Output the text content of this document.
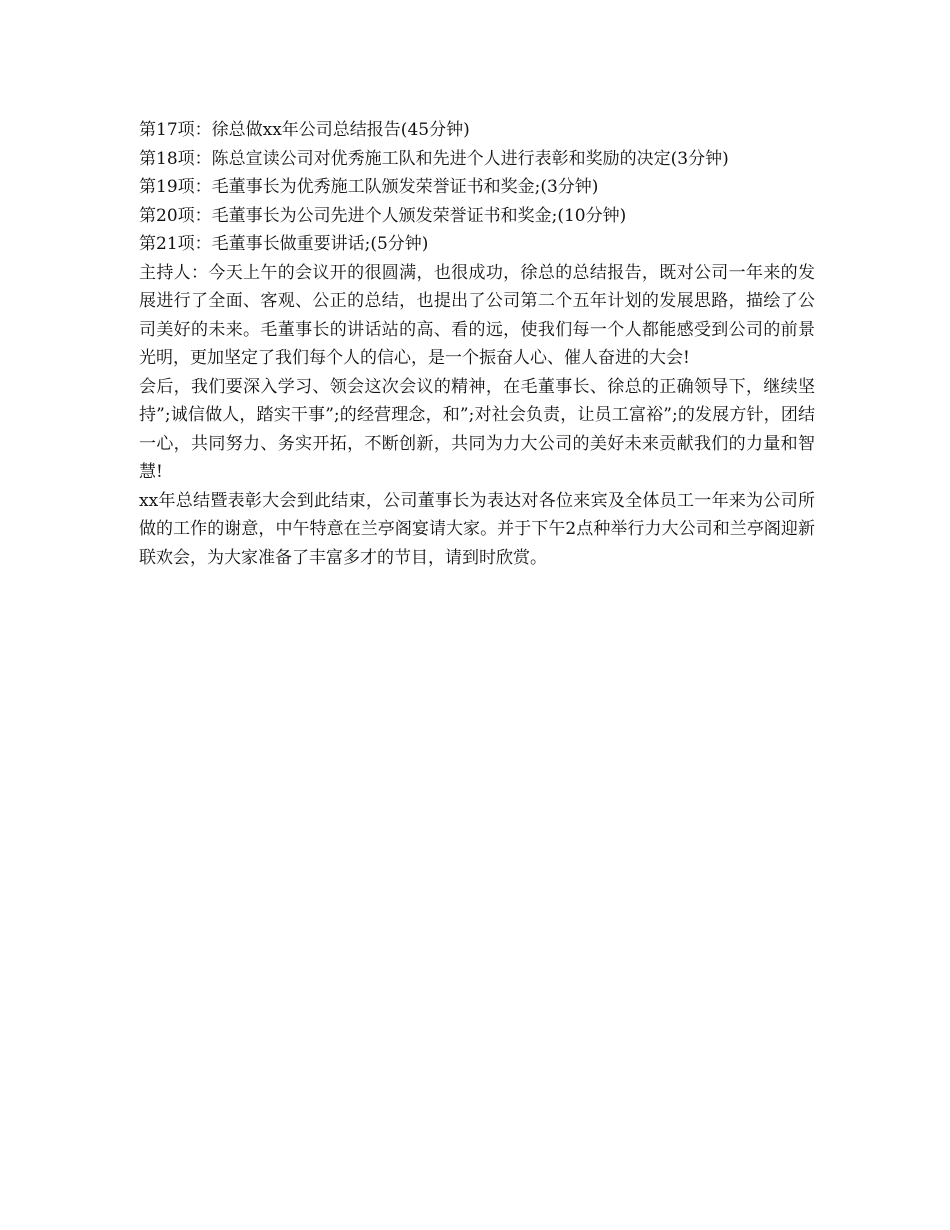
第17项：徐总做xx年公司总结报告(45分钟)

第18项：陈总宣读公司对优秀施工队和先进个人进行表彰和奖励的决定(3分钟)

第19项：毛董事长为优秀施工队颁发荣誉证书和奖金;(3分钟)

第20项：毛董事长为公司先进个人颁发荣誉证书和奖金;(10分钟)

第21项：毛董事长做重要讲话;(5分钟)

主持人：今天上午的会议开的很圆满，也很成功，徐总的总结报告，既对公司一年来的发展进行了全面、客观、公正的总结，也提出了公司第二个五年计划的发展思路，描绘了公司美好的未来。毛董事长的讲话站的高、看的远，使我们每一个人都能感受到公司的前景光明，更加坚定了我们每个人的信心，是一个振奋人心、催人奋进的大会!

会后，我们要深入学习、领会这次会议的精神，在毛董事长、徐总的正确领导下，继续坚持”;诚信做人，踏实干事”;的经营理念，和”;对社会负责，让员工富裕”;的发展方针，团结一心，共同努力、务实开拓，不断创新，共同为力大公司的美好未来贡献我们的力量和智慧!

xx年总结暨表彰大会到此结束，公司董事长为表达对各位来宾及全体员工一年来为公司所做的工作的谢意，中午特意在兰亭阁宴请大家。并于下午2点种举行力大公司和兰亭阁迎新联欢会，为大家准备了丰富多才的节目，请到时欣赏。
